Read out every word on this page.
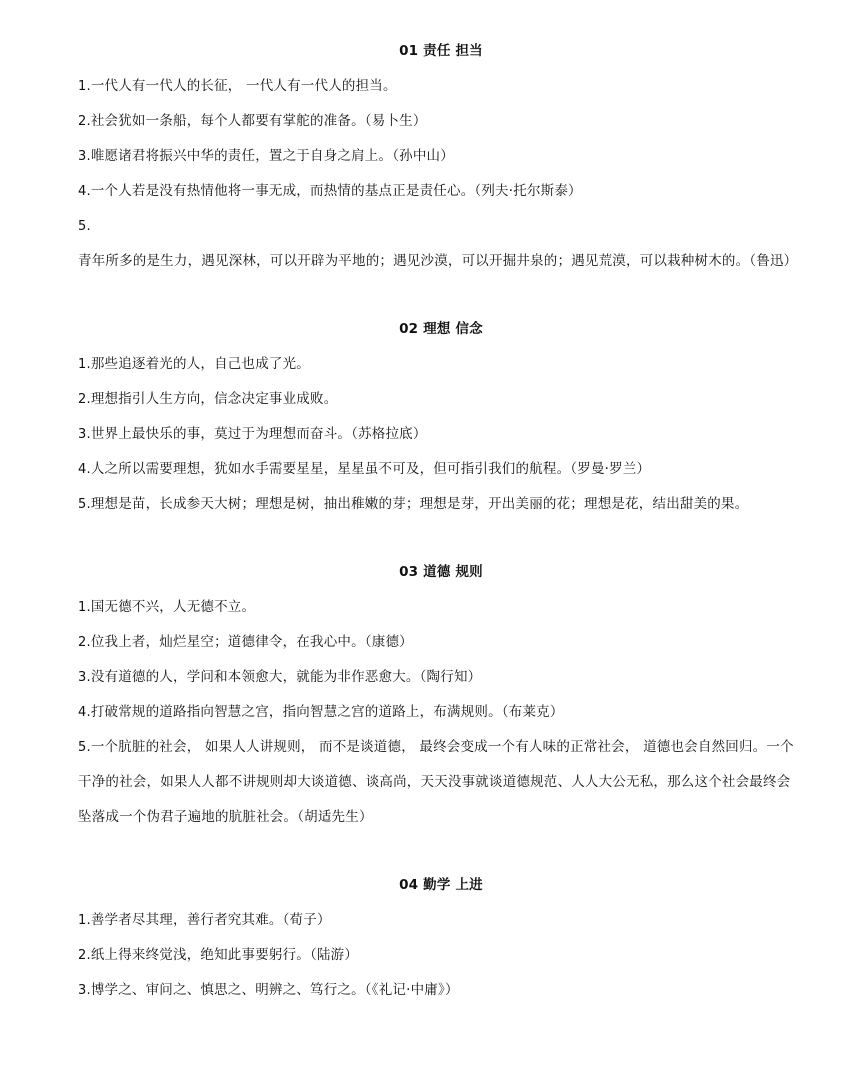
01 责任 担当

1.一代人有一代人的长征， 一代人有一代人的担当。

2.社会犹如一条船，每个人都要有掌舵的准备。（易卜生）

3.唯愿诸君将振兴中华的责任，置之于自身之肩上。（孙中山）

4.一个人若是没有热情他将一事无成，而热情的基点正是责任心。（列夫·托尔斯泰）

5.青年所多的是生力，遇见深林，可以开辟为平地的；遇见沙漠，可以开掘井泉的；遇见荒漠，可以栽种树木的。（鲁迅）

02 理想 信念

1.那些追逐着光的人，自己也成了光。

2.理想指引人生方向，信念决定事业成败。

3.世界上最快乐的事，莫过于为理想而奋斗。（苏格拉底）

4.人之所以需要理想，犹如水手需要星星，星星虽不可及，但可指引我们的航程。（罗曼·罗兰）

5.理想是苗，长成参天大树；理想是树，抽出稚嫩的芽；理想是芽，开出美丽的花；理想是花，结出甜美的果。

03 道德 规则

1.国无德不兴，人无德不立。

2.位我上者，灿烂星空；道德律令，在我心中。（康德）

3.没有道德的人，学问和本领愈大，就能为非作恶愈大。（陶行知）

4.打破常规的道路指向智慧之宫，指向智慧之宫的道路上，布满规则。（布莱克）

5.一个肮脏的社会， 如果人人讲规则， 而不是谈道德， 最终会变成一个有人味的正常社会， 道德也会自然回归。一个干净的社会，如果人人都不讲规则却大谈道德、谈高尚，天天没事就谈道德规范、人人大公无私，那么这个社会最终会坠落成一个伪君子遍地的肮脏社会。（胡适先生）

04 勤学 上进

1.善学者尽其理，善行者究其难。（荀子）

2.纸上得来终觉浅，绝知此事要躬行。（陆游）

3.博学之、审问之、慎思之、明辨之、笃行之。（《礼记·中庸》）
